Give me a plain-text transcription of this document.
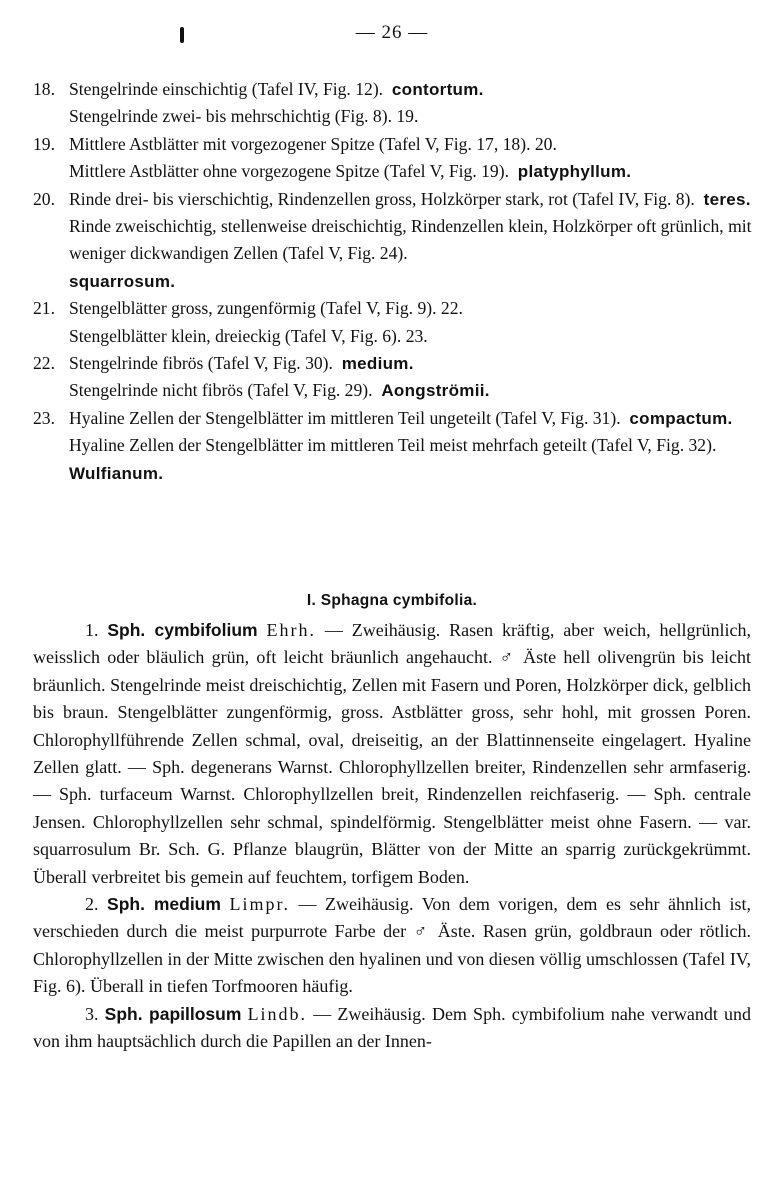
— 26 —
18. Stengelrinde einschichtig (Tafel IV, Fig. 12). contortum.
Stengelrinde zwei- bis mehrschichtig (Fig. 8). 19.
19. Mittlere Astblätter mit vorgezogener Spitze (Tafel V, Fig. 17, 18). 20.
Mittlere Astblätter ohne vorgezogene Spitze (Tafel V, Fig. 19). platyphyllum.
20. Rinde drei- bis vierschichtig, Rindenzellen gross, Holzkörper stark, rot (Tafel IV, Fig. 8). teres.
Rinde zweischichtig, stellenweise dreischichtig, Rindenzellen klein, Holzkörper oft grünlich, mit weniger dickwandigen Zellen (Tafel V, Fig. 24).
squarrosum.
21. Stengelblätter gross, zungenförmig (Tafel V, Fig. 9). 22.
Stengelblätter klein, dreieckig (Tafel V, Fig. 6). 23.
22. Stengelrinde fibrös (Tafel V, Fig. 30). medium.
Stengelrinde nicht fibrös (Tafel V, Fig. 29). Aongströmii.
23. Hyaline Zellen der Stengelblätter im mittleren Teil ungeteilt (Tafel V, Fig. 31). compactum.
Hyaline Zellen der Stengelblätter im mittleren Teil meist mehrfach geteilt (Tafel V, Fig. 32).  Wulfianum.
I. Sphagna cymbifolia.

1. Sph. cymbifolium Ehrh. — Zweihäusig. Rasen kräftig, aber weich, hellgrünlich, weisslich oder bläulich grün, oft leicht bräunlich angehaucht. ♂ Äste hell olivengrün bis leicht bräunlich. Stengelrinde meist dreischichtig, Zellen mit Fasern und Poren, Holzkörper dick, gelblich bis braun. Stengelblätter zungenförmig, gross. Astblätter gross, sehr hohl, mit grossen Poren. Chlorophyllführende Zellen schmal, oval, dreiseitig, an der Blattinnenseite eingelagert. Hyaline Zellen glatt. — Sph. degenerans Warnst. Chlorophyllzellen breiter, Rindenzellen sehr armfaserig. — Sph. turfaceum Warnst. Chlorophyllzellen breit, Rindenzellen reichfaserig. — Sph. centrale Jensen. Chlorophyllzellen sehr schmal, spindelförmig. Stengelblätter meist ohne Fasern. — var. squarrosulum Br. Sch. G. Pflanze blaugrün, Blätter von der Mitte an sparrig zurückgekrümmt. Überall verbreitet bis gemein auf feuchtem, torfigem Boden.

2. Sph. medium Limpr. — Zweihäusig. Von dem vorigen, dem es sehr ähnlich ist, verschieden durch die meist purpurrote Farbe der ♂ Äste. Rasen grün, goldbraun oder rötlich. Chlorophyllzellen in der Mitte zwischen den hyalinen und von diesen völlig umschlossen (Tafel IV, Fig. 6). Überall in tiefen Torfmooren häufig.

3. Sph. papillosum Lindb. — Zweihäusig. Dem Sph. cymbifolium nahe verwandt und von ihm hauptsächlich durch die Papillen an der Innen-
